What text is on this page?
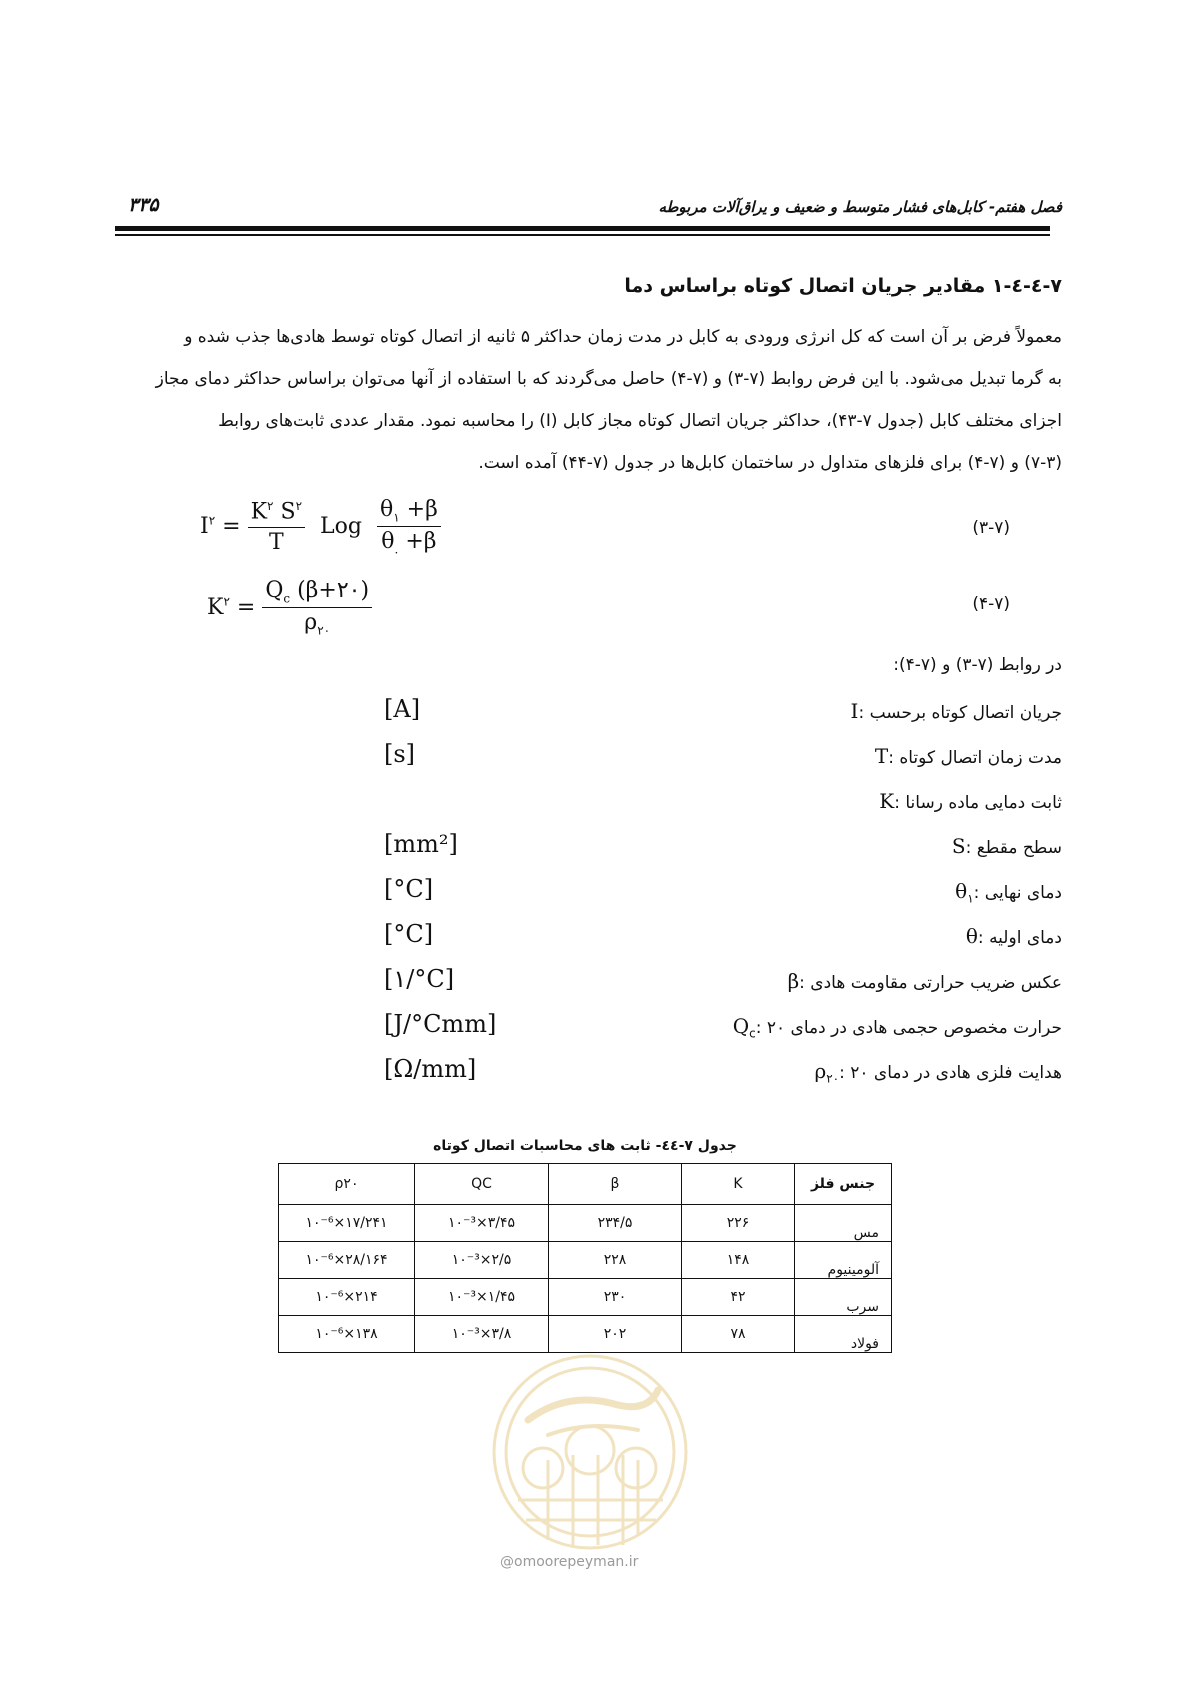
فصل هفتم- کابل‌های فشار متوسط و ضعیف و یراق‌آلات مربوطه
۳۳۵
۷-٤-٤-۱ مقادیر جریان اتصال کوتاه براساس دما
معمولاً فرض بر آن است که کل انرژی ورودی به کابل در مدت زمان حداکثر ۵ ثانیه از اتصال کوتاه توسط هادی‌ها جذب شده و
به گرما تبدیل می‌شود. با این فرض روابط (۷-۳) و (۷-۴) حاصل می‌گردند که با استفاده از آنها می‌توان براساس حداکثر دمای مجاز
اجزای مختلف کابل (جدول ۷-۴۳)، حداکثر جریان اتصال کوتاه مجاز کابل (I) را محاسبه نمود. مقدار عددی ثابت‌های روابط
(۷-۳) و (۷-۴) برای فلزهای متداول در ساختمان کابل‌ها در جدول (۷-۴۴) آمده است.
$I^۲ = \frac{K^۲ S^۲}{T}$ Log $\frac{\theta_۱ +\beta}{\theta_. +\beta}$	(۳-۷)
$K^۲ = \frac{Q_c (\beta+۲۰)}{\rho_{۲۰}}$	(۴-۷)
در روابط (۷-۳) و (۷-۴):
I: جریان اتصال کوتاه برحسب
[A]
T: مدت زمان اتصال کوتاه
[s]
K: ثابت دمایی ماده رسانا
S: سطح مقطع
[mm²]
$\theta_۱$: دمای نهایی
[°C]
θ: دمای اولیه
[°C]
β: عکس ضریب حرارتی مقاومت هادی
[۱/°C]
$Q_c$: حرارت مخصوص حجمی هادی در دمای ۲۰
[J/°Cmm]
$\rho_{۲۰}$: هدایت فلزی هادی در دمای ۲۰
[Ω/mm]
جدول ۷-٤٤- ثابت های محاسبات اتصال کوتاه
جنس فلز	K	β	QC	ρ۲۰
مس	۲۲۶	۲۳۴/۵	۳/۴۵×۱۰⁻³	۱۷/۲۴۱×۱۰⁻⁶
آلومینیوم	۱۴۸	۲۲۸	۲/۵×۱۰⁻³	۲۸/۱۶۴×۱۰⁻⁶
سرب	۴۲	۲۳۰	۱/۴۵×۱۰⁻³	۲۱۴×۱۰⁻⁶
فولاد	۷۸	۲۰۲	۳/۸×۱۰⁻³	۱۳۸×۱۰⁻⁶
@omoorepeyman.ir
